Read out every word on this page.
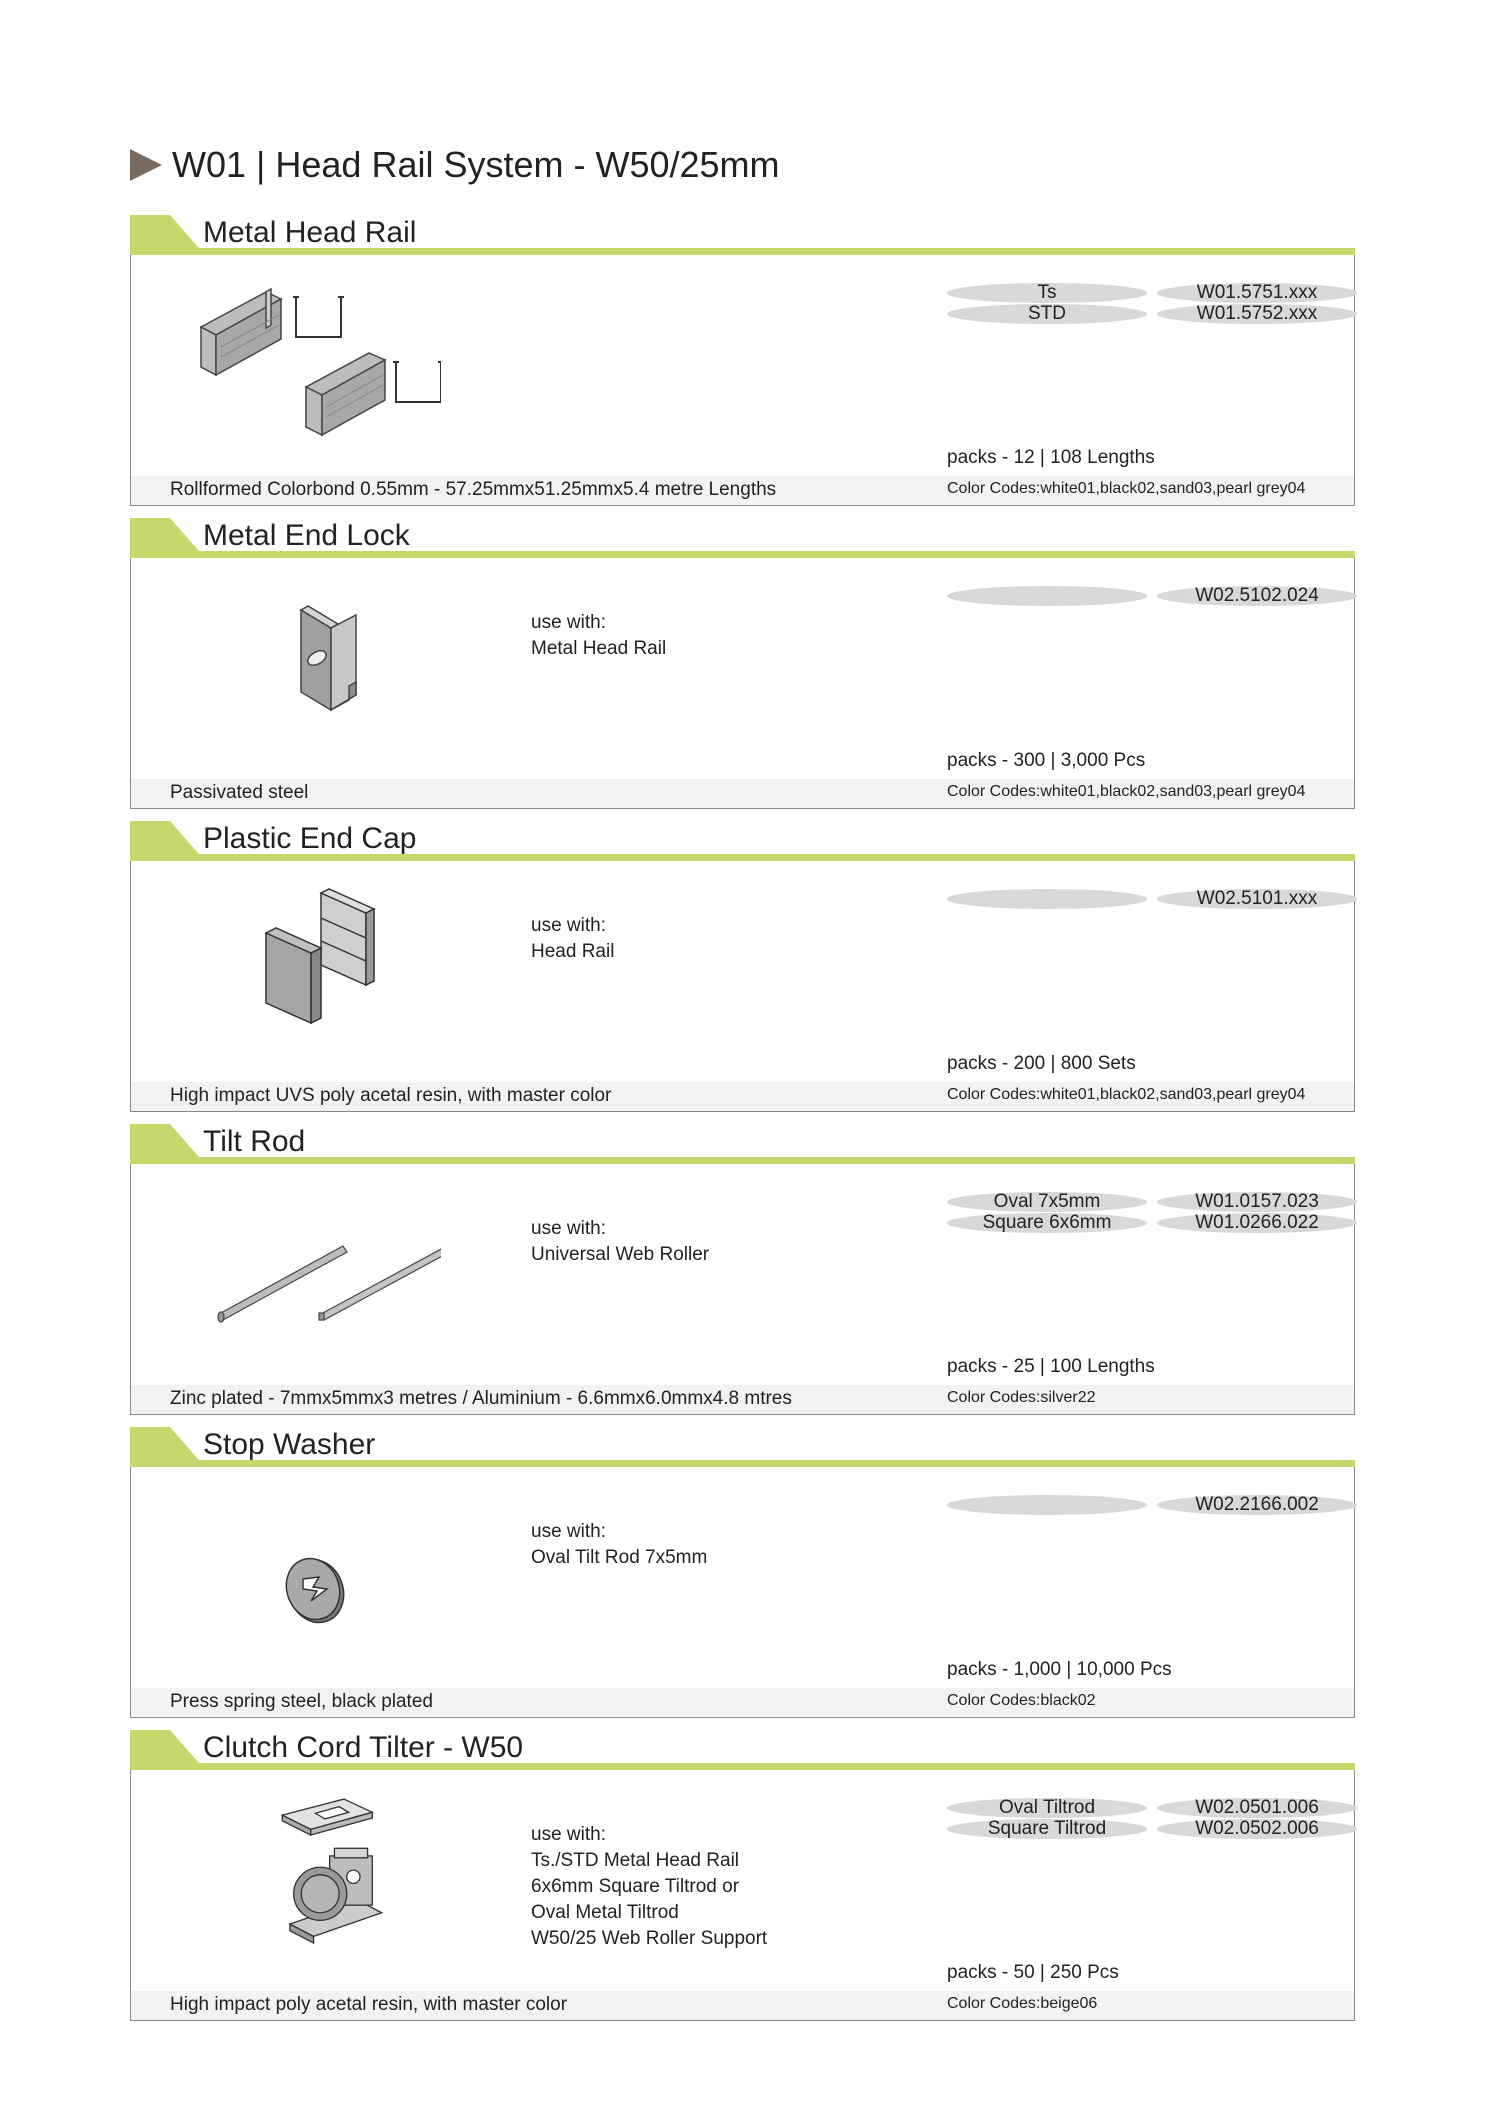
W01 | Head Rail System - W50/25mm
Metal Head Rail
Ts	W01.5751.xxx
STD	W01.5752.xxx
packs - 12 | 108 Lengths
Rollformed Colorbond 0.55mm - 57.25mmx51.25mmx5.4 metre Lengths	Color Codes:white01,black02,sand03,pearl grey04
Metal End Lock
use with:
Metal Head Rail
W02.5102.024
packs - 300 | 3,000 Pcs
Passivated steel	Color Codes:white01,black02,sand03,pearl grey04
Plastic End Cap
use with:
Head Rail
W02.5101.xxx
packs - 200 | 800 Sets
High impact UVS poly acetal resin, with master color	Color Codes:white01,black02,sand03,pearl grey04
Tilt Rod
use with:
Universal Web Roller
Oval 7x5mm	W01.0157.023
Square 6x6mm	W01.0266.022
packs - 25 | 100 Lengths
Zinc plated - 7mmx5mmx3 metres / Aluminium - 6.6mmx6.0mmx4.8 mtres	Color Codes:silver22
Stop Washer
use with:
Oval Tilt Rod 7x5mm
W02.2166.002
packs - 1,000 | 10,000 Pcs
Press spring steel, black plated	Color Codes:black02
Clutch Cord Tilter - W50
use with:
Ts./STD Metal Head Rail
6x6mm Square Tiltrod or
Oval Metal Tiltrod
W50/25 Web Roller Support
Oval Tiltrod	W02.0501.006
Square Tiltrod	W02.0502.006
packs - 50 | 250 Pcs
High impact poly acetal resin, with master color	Color Codes:beige06
